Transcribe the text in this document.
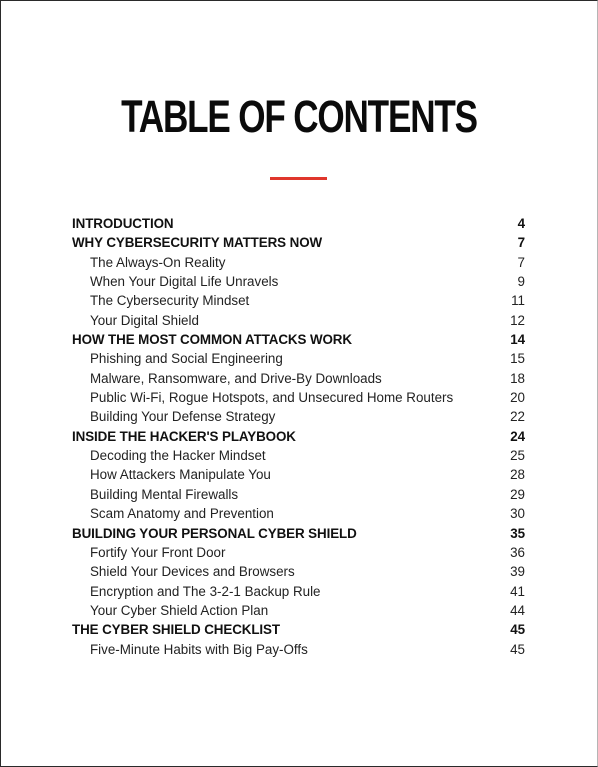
TABLE OF CONTENTS
INTRODUCTION	4
WHY CYBERSECURITY MATTERS NOW	7
The Always-On Reality	7
When Your Digital Life Unravels	9
The Cybersecurity Mindset	11
Your Digital Shield	12
HOW THE MOST COMMON ATTACKS WORK	14
Phishing and Social Engineering	15
Malware, Ransomware, and Drive-By Downloads	18
Public Wi-Fi, Rogue Hotspots, and Unsecured Home Routers	20
Building Your Defense Strategy	22
INSIDE THE HACKER'S PLAYBOOK	24
Decoding the Hacker Mindset	25
How Attackers Manipulate You	28
Building Mental Firewalls	29
Scam Anatomy and Prevention	30
BUILDING YOUR PERSONAL CYBER SHIELD	35
Fortify Your Front Door	36
Shield Your Devices and Browsers	39
Encryption and The 3-2-1 Backup Rule	41
Your Cyber Shield Action Plan	44
THE CYBER SHIELD CHECKLIST	45
Five-Minute Habits with Big Pay-Offs	45
